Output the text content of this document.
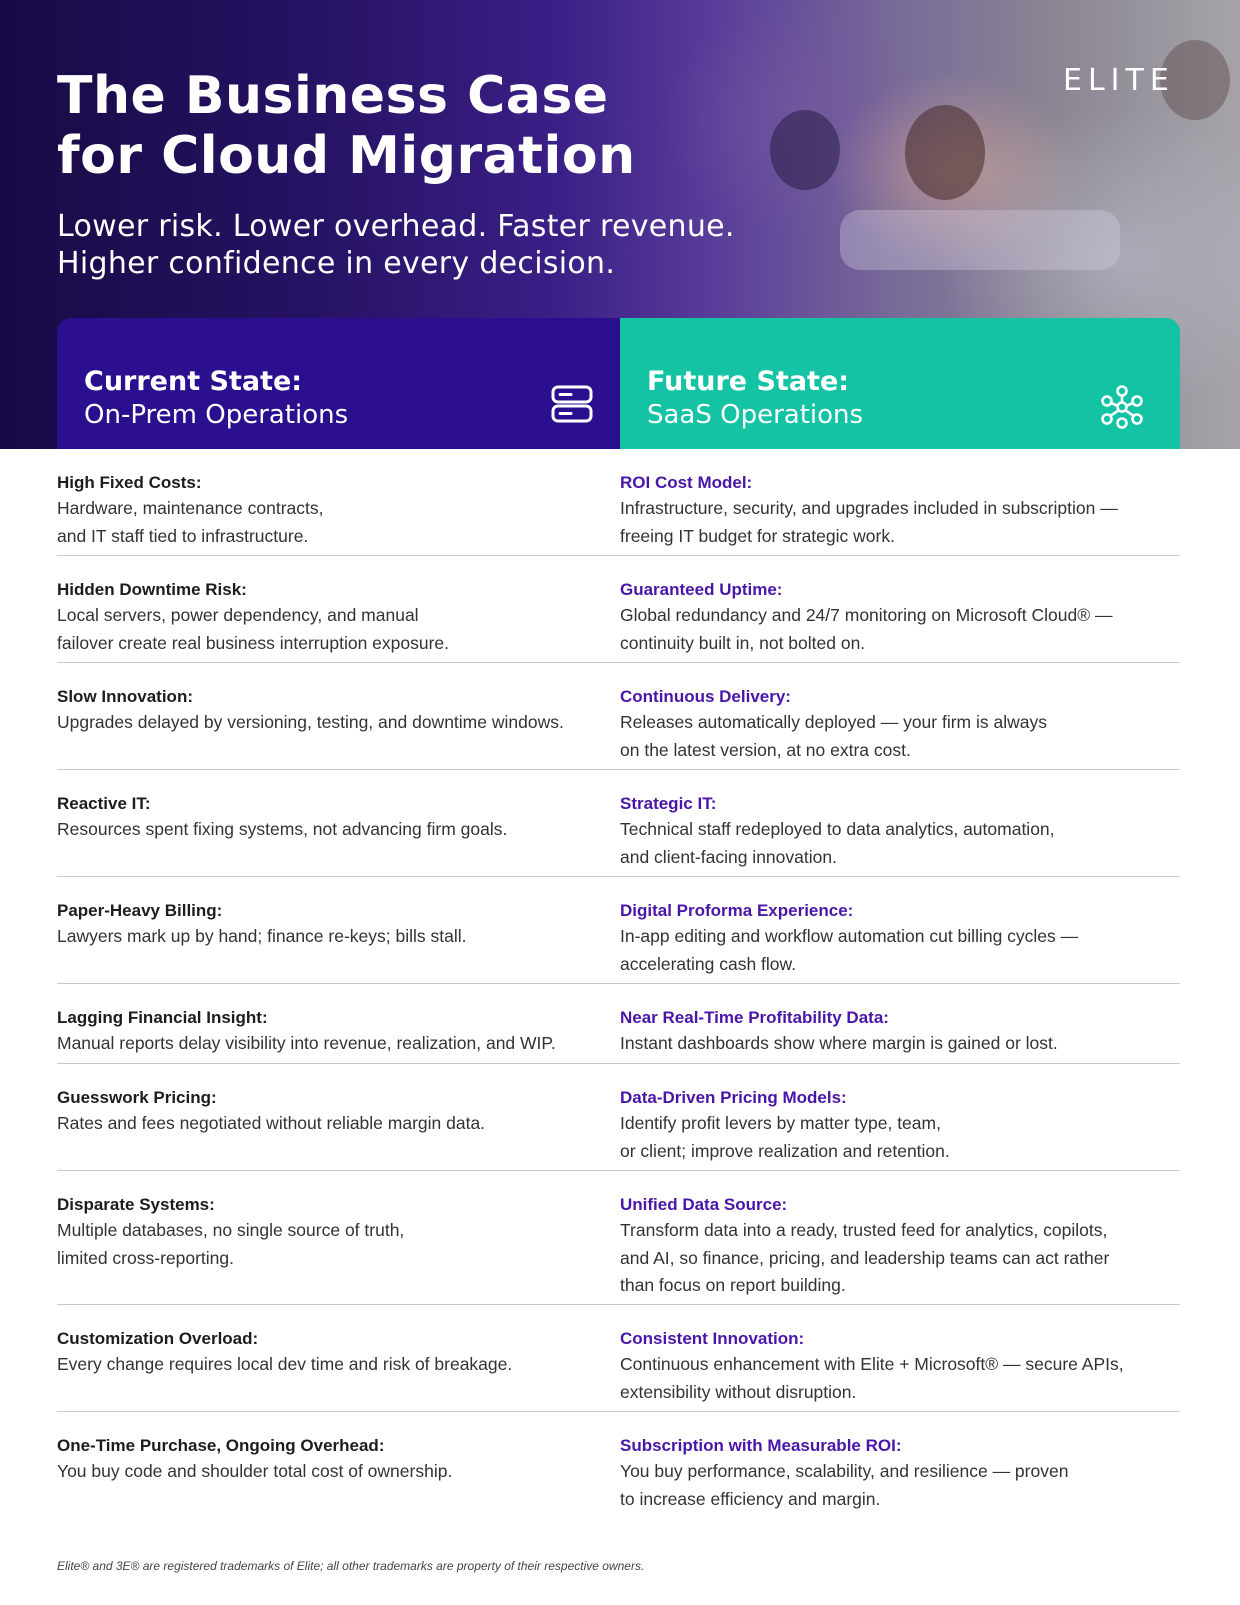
The Business Case
for Cloud Migration

Lower risk. Lower overhead. Faster revenue.
Higher confidence in every decision.

ELITE
Current State:
On-Prem Operations
Future State:
SaaS Operations
High Fixed Costs:
Hardware, maintenance contracts,
and IT staff tied to infrastructure.
ROI Cost Model:
Infrastructure, security, and upgrades included in subscription —
freeing IT budget for strategic work.
Hidden Downtime Risk:
Local servers, power dependency, and manual
failover create real business interruption exposure.
Guaranteed Uptime:
Global redundancy and 24/7 monitoring on Microsoft Cloud® —
continuity built in, not bolted on.
Slow Innovation:
Upgrades delayed by versioning, testing, and downtime windows.
Continuous Delivery:
Releases automatically deployed — your firm is always
on the latest version, at no extra cost.
Reactive IT:
Resources spent fixing systems, not advancing firm goals.
Strategic IT:
Technical staff redeployed to data analytics, automation,
and client-facing innovation.
Paper-Heavy Billing:
Lawyers mark up by hand; finance re-keys; bills stall.
Digital Proforma Experience:
In-app editing and workflow automation cut billing cycles —
accelerating cash flow.
Lagging Financial Insight:
Manual reports delay visibility into revenue, realization, and WIP.
Near Real-Time Profitability Data:
Instant dashboards show where margin is gained or lost.
Guesswork Pricing:
Rates and fees negotiated without reliable margin data.
Data-Driven Pricing Models:
Identify profit levers by matter type, team,
or client; improve realization and retention.
Disparate Systems:
Multiple databases, no single source of truth,
limited cross-reporting.
Unified Data Source:
Transform data into a ready, trusted feed for analytics, copilots,
and AI, so finance, pricing, and leadership teams can act rather
than focus on report building.
Customization Overload:
Every change requires local dev time and risk of breakage.
Consistent Innovation:
Continuous enhancement with Elite + Microsoft® — secure APIs,
extensibility without disruption.
One-Time Purchase, Ongoing Overhead:
You buy code and shoulder total cost of ownership.
Subscription with Measurable ROI:
You buy performance, scalability, and resilience — proven
to increase efficiency and margin.

Elite® and 3E® are registered trademarks of Elite; all other trademarks are property of their respective owners.
